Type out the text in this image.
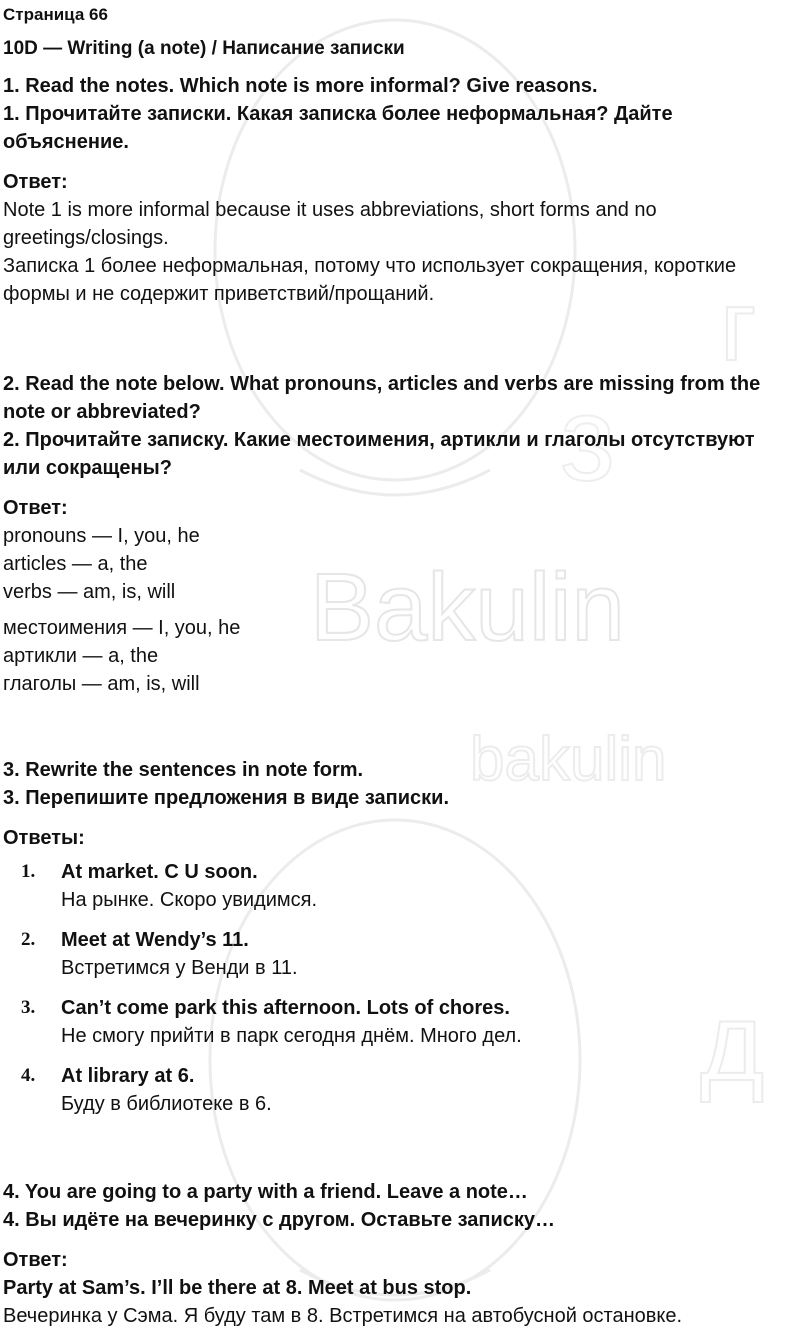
Bakulin
bakulin
г
д
з
Страница 66
10D — Writing (a note) / Написание записки

1. Read the notes. Which note is more informal? Give reasons.

1. Прочитайте записки. Какая записка более неформальная? Дайте объяснение.

Ответ:

Note 1 is more informal because it uses abbreviations, short forms and no greetings/closings.

Записка 1 более неформальная, потому что использует сокращения, короткие формы и не содержит приветствий/прощаний.

2. Read the note below. What pronouns, articles and verbs are missing from the note or abbreviated?

2. Прочитайте записку. Какие местоимения, артикли и глаголы отсутствуют или сокращены?

Ответ:

pronouns — I, you, he

articles — a, the

verbs — am, is, will

местоимения — I, you, he

артикли — a, the

глаголы — am, is, will

3. Rewrite the sentences in note form.

3. Перепишите предложения в виде записки.

Ответы:

1.	At market. C U soon.
На рынке. Скоро увидимся.
2.	Meet at Wendy’s 11.
Встретимся у Венди в 11.
3.	Can’t come park this afternoon. Lots of chores.
Не смогу прийти в парк сегодня днём. Много дел.
4.	At library at 6.
Буду в библиотеке в 6.

4. You are going to a party with a friend. Leave a note…

4. Вы идёте на вечеринку с другом. Оставьте записку…

Ответ:

Party at Sam’s. I’ll be there at 8. Meet at bus stop.

Вечеринка у Сэма. Я буду там в 8. Встретимся на автобусной остановке.
